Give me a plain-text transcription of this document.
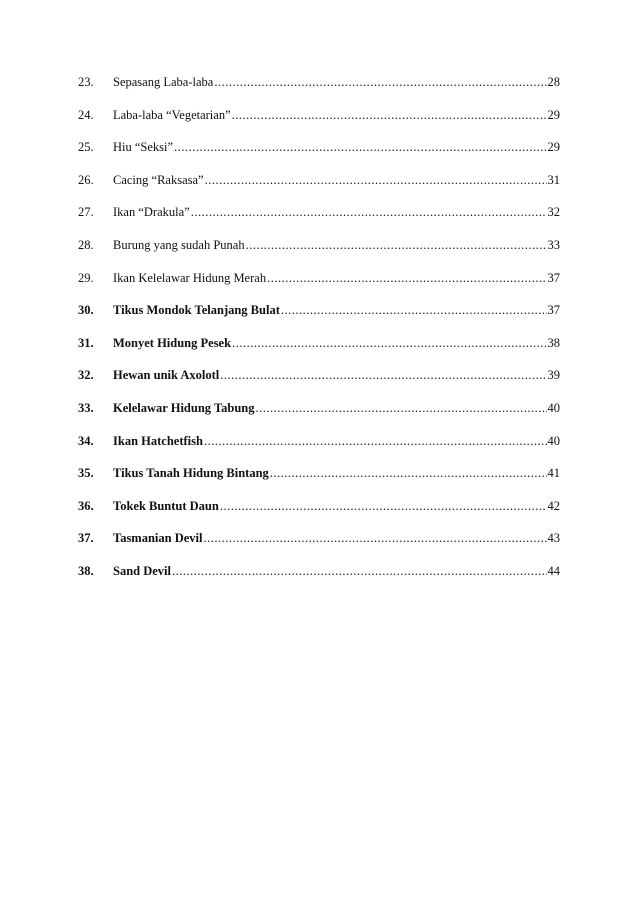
23.	Sepasang Laba-laba .....	28
24.	Laba-laba “Vegetarian” .....	29
25.	Hiu “Seksi” .....	29
26.	Cacing “Raksasa” .....	31
27.	Ikan “Drakula” .....	32
28.	Burung yang sudah Punah .....	33
29.	Ikan Kelelawar Hidung Merah .....	37
30.	Tikus Mondok Telanjang Bulat .....	37
31.	Monyet Hidung Pesek .....	38
32.	Hewan unik Axolotl .....	39
33.	Kelelawar Hidung Tabung .....	40
34.	Ikan Hatchetfish .....	40
35.	Tikus Tanah Hidung Bintang .....	41
36.	Tokek Buntut Daun .....	42
37.	Tasmanian Devil .....	43
38.	Sand Devil .....	44
